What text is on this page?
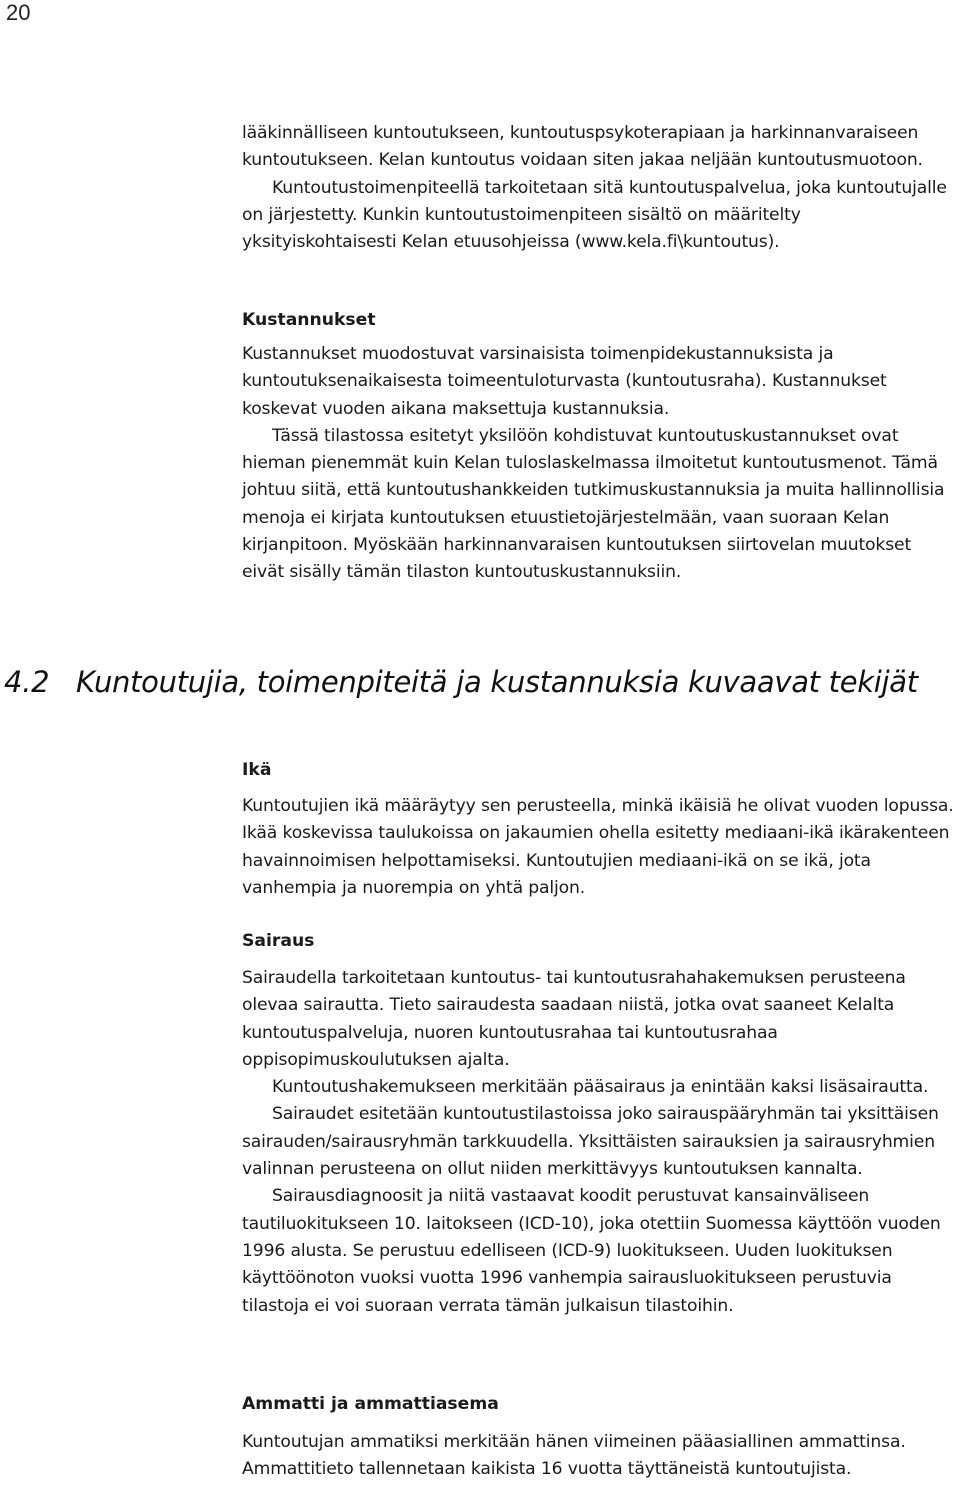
20

lääkinnälliseen kuntoutukseen, kuntoutuspsykoterapiaan ja harkinnanvaraiseen kuntoutukseen. Kelan kuntoutus voidaan siten jakaa neljään kuntoutusmuotoon.

Kuntoutustoimenpiteellä tarkoitetaan sitä kuntoutuspalvelua, joka kuntoutujalle on järjestetty. Kunkin kuntoutustoimenpiteen sisältö on määritelty yksityiskohtaisesti Kelan etuusohjeissa (www.kela.fi\kuntoutus).

Kustannukset

Kustannukset muodostuvat varsinaisista toimenpidekustannuksista ja kuntoutuksenaikaisesta toimeentuloturvasta (kuntoutusraha). Kustannukset koskevat vuoden aikana maksettuja kustannuksia.

Tässä tilastossa esitetyt yksilöön kohdistuvat kuntoutuskustannukset ovat hieman pienemmät kuin Kelan tuloslaskelmassa ilmoitetut kuntoutusmenot. Tämä johtuu siitä, että kuntoutushankkeiden tutkimuskustannuksia ja muita hallinnollisia menoja ei kirjata kuntoutuksen etuustietojärjestelmään, vaan suoraan Kelan kirjanpitoon. Myöskään harkinnanvaraisen kuntoutuksen siirtovelan muutokset eivät sisälly tämän tilaston kuntoutuskustannuksiin.

4.2 Kuntoutujia, toimenpiteitä ja kustannuksia kuvaavat tekijät
Ikä

Kuntoutujien ikä määräytyy sen perusteella, minkä ikäisiä he olivat vuoden lopussa. Ikää koskevissa taulukoissa on jakaumien ohella esitetty mediaani-ikä ikärakenteen havainnoimisen helpottamiseksi. Kuntoutujien mediaani-ikä on se ikä, jota vanhempia ja nuorempia on yhtä paljon.

Sairaus

Sairaudella tarkoitetaan kuntoutus- tai kuntoutusrahahakemuksen perusteena olevaa sairautta. Tieto sairaudesta saadaan niistä, jotka ovat saaneet Kelalta kuntoutuspalveluja, nuoren kuntoutusrahaa tai kuntoutusrahaa oppisopimuskoulutuksen ajalta.

Kuntoutushakemukseen merkitään pääsairaus ja enintään kaksi lisäsairautta.

Sairaudet esitetään kuntoutustilastoissa joko sairauspääryhmän tai yksittäisen sairauden/sairausryhmän tarkkuudella. Yksittäisten sairauksien ja sairausryhmien valinnan perusteena on ollut niiden merkittävyys kuntoutuksen kannalta.

Sairausdiagnoosit ja niitä vastaavat koodit perustuvat kansainväliseen tautiluokitukseen 10. laitokseen (ICD-10), joka otettiin Suomessa käyttöön vuoden 1996 alusta. Se perustuu edelliseen (ICD-9) luokitukseen. Uuden luokituksen käyttöönoton vuoksi vuotta 1996 vanhempia sairausluokitukseen perustuvia tilastoja ei voi suoraan verrata tämän julkaisun tilastoihin.

Ammatti ja ammattiasema

Kuntoutujan ammatiksi merkitään hänen viimeinen pääasiallinen ammattinsa. Ammattitieto tallennetaan kaikista 16 vuotta täyttäneistä kuntoutujista.
